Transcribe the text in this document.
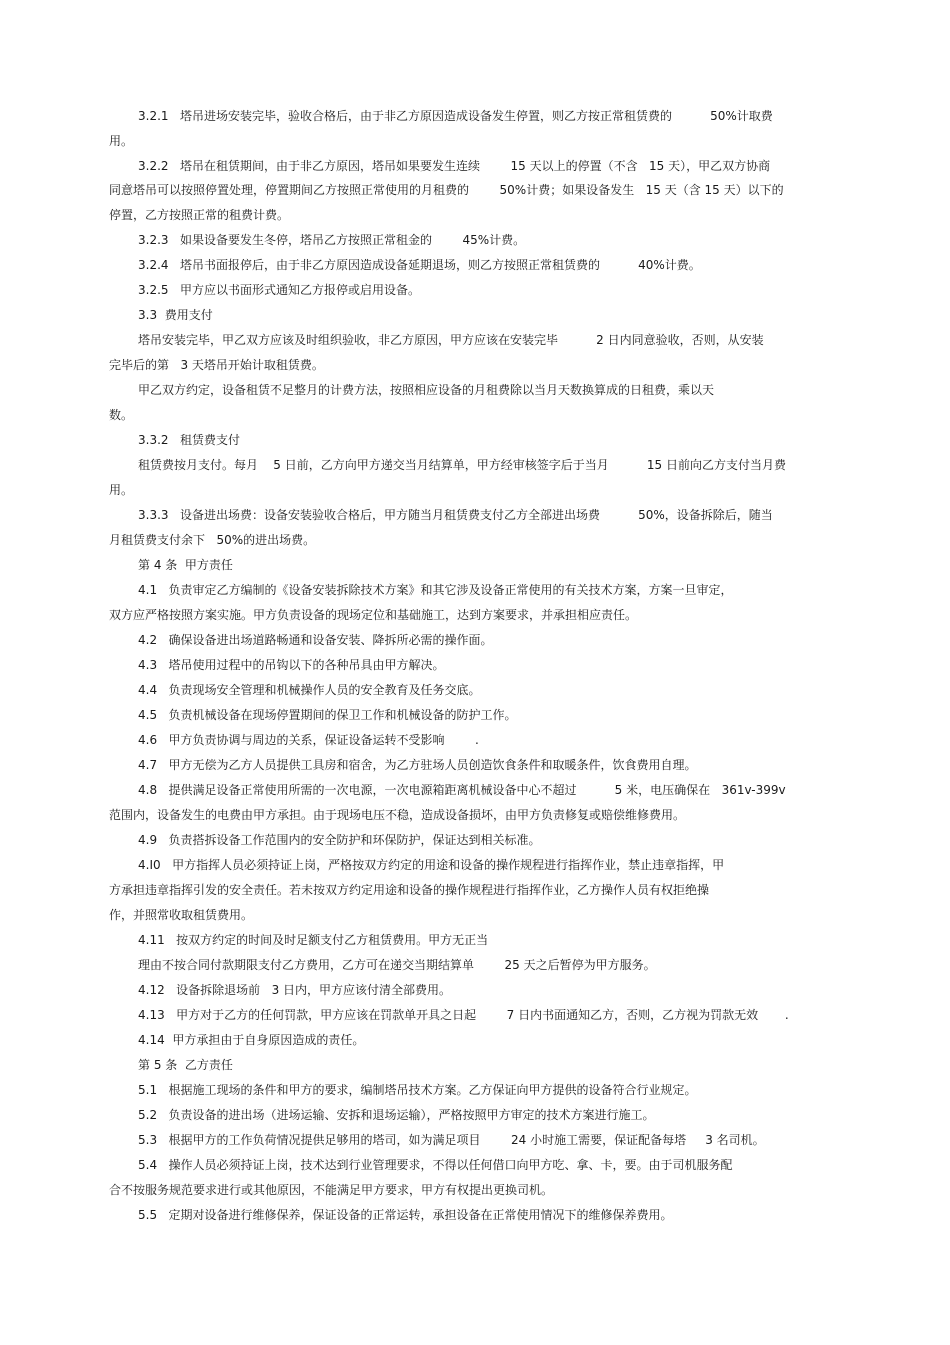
3.2.1   塔吊进场安装完毕，验收合格后，由于非乙方原因造成设备发生停置，则乙方按正常租赁费的          50%计取费

用。

3.2.2   塔吊在租赁期间，由于非乙方原因，塔吊如果要发生连续        15 天以上的停置（不含   15 天），甲乙双方协商

同意塔吊可以按照停置处理，停置期间乙方按照正常使用的月租费的        50%计费；如果设备发生   15 天（含 15 天）以下的

停置，乙方按照正常的租费计费。

3.2.3   如果设备要发生冬停，塔吊乙方按照正常租金的        45%计费。

3.2.4   塔吊书面报停后，由于非乙方原因造成设备延期退场，则乙方按照正常租赁费的          40%计费。

3.2.5   甲方应以书面形式通知乙方报停或启用设备。

3.3  费用支付

塔吊安装完毕，甲乙双方应该及时组织验收，非乙方原因，甲方应该在安装完毕          2 日内同意验收，否则，从安装

完毕后的第   3 天塔吊开始计取租赁费。

甲乙双方约定，设备租赁不足整月的计费方法，按照相应设备的月租费除以当月天数换算成的日租费，乘以天

数。

3.3.2   租赁费支付

租赁费按月支付。每月    5 日前，乙方向甲方递交当月结算单，甲方经审核签字后于当月          15 日前向乙方支付当月费

用。

3.3.3   设备进出场费：设备安装验收合格后，甲方随当月租赁费支付乙方全部进出场费          50%，设备拆除后，随当

月租赁费支付余下   50%的进出场费。

第 4 条  甲方责任

4.1   负责审定乙方编制的《设备安装拆除技术方案》和其它涉及设备正常使用的有关技术方案，方案一旦审定，

双方应严格按照方案实施。甲方负责设备的现场定位和基础施工，达到方案要求，并承担相应责任。

4.2   确保设备进出场道路畅通和设备安装、降拆所必需的操作面。

4.3   塔吊使用过程中的吊钩以下的各种吊具由甲方解决。

4.4   负责现场安全管理和机械操作人员的安全教育及任务交底。

4.5   负责机械设备在现场停置期间的保卫工作和机械设备的防护工作。

4.6   甲方负责协调与周边的关系，保证设备运转不受影响        .

4.7   甲方无偿为乙方人员提供工具房和宿舍，为乙方驻场人员创造饮食条件和取暖条件，饮食费用自理。

4.8   提供满足设备正常使用所需的一次电源，一次电源箱距离机械设备中心不超过          5 米，电压确保在   361v-399v

范围内，设备发生的电费由甲方承担。由于现场电压不稳，造成设备损坏，由甲方负责修复或赔偿维修费用。

4.9   负责搭拆设备工作范围内的安全防护和环保防护，保证达到相关标准。

4.I0   甲方指挥人员必须持证上岗，严格按双方约定的用途和设备的操作规程进行指挥作业，禁止违章指挥，甲

方承担违章指挥引发的安全责任。若未按双方约定用途和设备的操作规程进行指挥作业，乙方操作人员有权拒绝操

作，并照常收取租赁费用。

4.11   按双方约定的时间及时足额支付乙方租赁费用。甲方无正当

理由不按合同付款期限支付乙方费用，乙方可在递交当期结算单        25 天之后暂停为甲方服务。

4.12   设备拆除退场前   3 日内，甲方应该付清全部费用。

4.13   甲方对于乙方的任何罚款，甲方应该在罚款单开具之日起        7 日内书面通知乙方，否则，乙方视为罚款无效       .

4.14  甲方承担由于自身原因造成的责任。

第 5 条  乙方责任

5.1   根据施工现场的条件和甲方的要求，编制塔吊技术方案。乙方保证向甲方提供的设备符合行业规定。

5.2   负责设备的进出场（进场运输、安拆和退场运输），严格按照甲方审定的技术方案进行施工。

5.3   根据甲方的工作负荷情况提供足够用的塔司，如为满足项目        24 小时施工需要，保证配备每塔     3 名司机。

5.4   操作人员必须持证上岗，技术达到行业管理要求，不得以任何借口向甲方吃、拿、卡，要。由于司机服务配

合不按服务规范要求进行或其他原因，不能满足甲方要求，甲方有权提出更换司机。

5.5   定期对设备进行维修保养，保证设备的正常运转，承担设备在正常使用情况下的维修保养费用。
